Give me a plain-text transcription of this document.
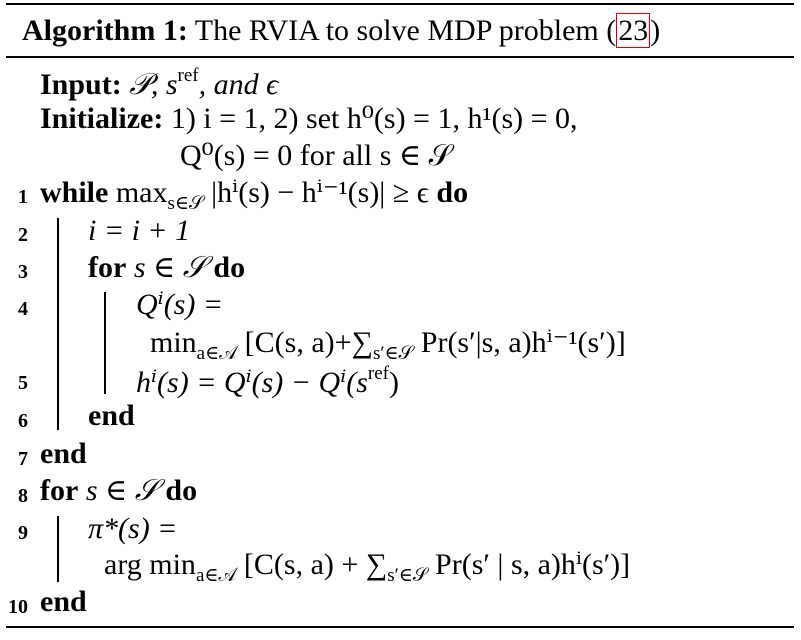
Algorithm 1: The RVIA to solve MDP problem (23)
Input: 𝒫, $s^{ref}$, and ϵ
Initialize: 1) i = 1, 2) set h⁰(s) = 1, h¹(s) = 0,
Q⁰(s) = 0 for all s ∈ 𝒮
1 while $\max_{s\in 𝒮} |h^i(s) - h^{i-1}(s)| \ge \epsilon$ do
2 i = i + 1
3 for s ∈ 𝒮 do
4	Qⁱ(s) =
$\min_{a\in 𝒜} [C(s$, $a)+\sum_{s'\in 𝒮}$ Pr(s′|s, a)hⁱ⁻¹(s′)]
5	$h^i(s) = Q^i(s) - Q^i(s^{ref})$
6 end
7 end
8 for s ∈ 𝒮 do
9 π*(s) =
arg $\min_{a\in 𝒜} [C(s$, $a) + \sum_{s'\in 𝒮}$ Pr(s′ | s, a)hⁱ(s′)]
10 end
